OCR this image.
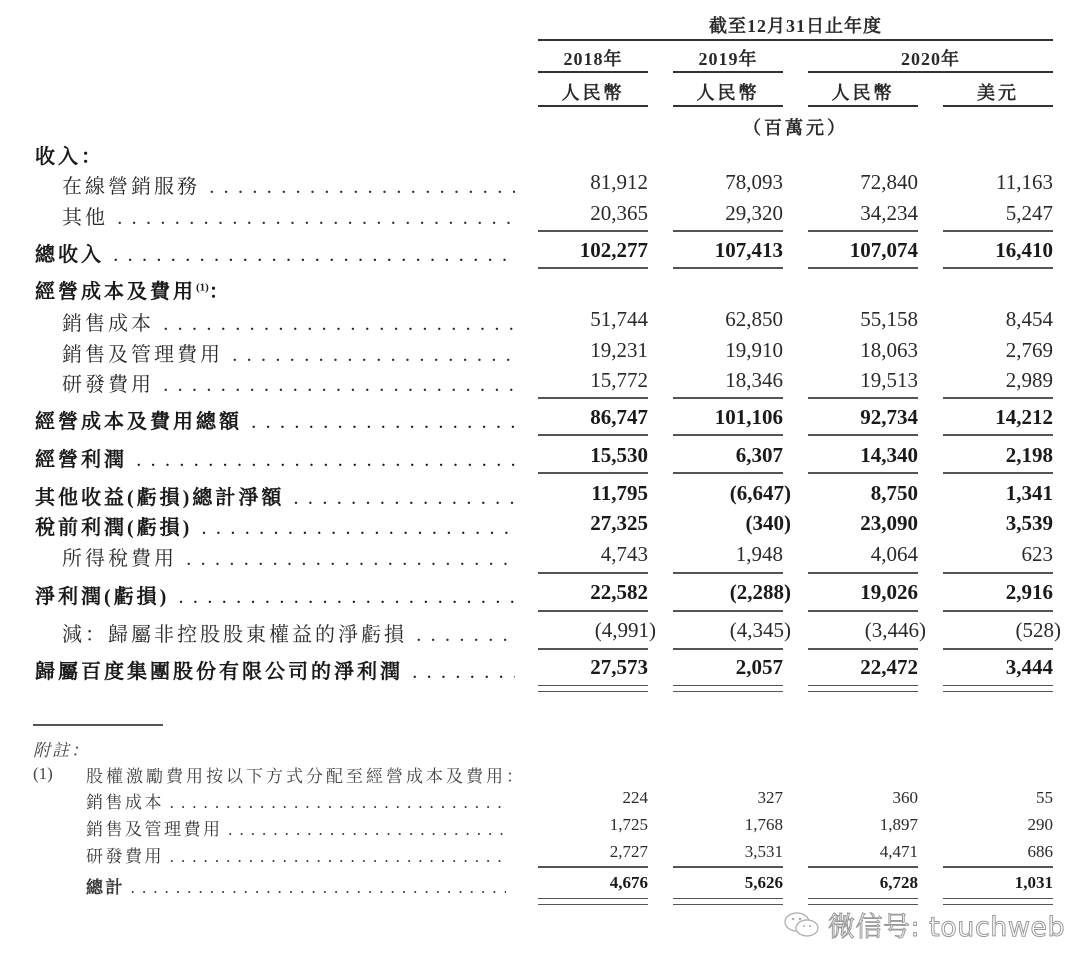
截至12月31日止年度
2018年	2019年	2020年
人民幣	人民幣	人民幣	美元
（百萬元）
收入：
在線營銷服務 . . .	81,912	78,093	72,840	11,163
其他 . . .	20,365	29,320	34,234	5,247
總收入 . . .	102,277	107,413	107,074	16,410
經營成本及費用$^{(1)}$：
銷售成本 . . .	51,744	62,850	55,158	8,454
銷售及管理費用 . . .	19,231	19,910	18,063	2,769
研發費用 . . .	15,772	18,346	19,513	2,989
經營成本及費用總額 . . .	86,747	101,106	92,734	14,212
經營利潤 . . .	15,530	6,307	14,340	2,198
其他收益(虧損)總計淨額 . . .	11,795	(6,647)	8,750	1,341
稅前利潤(虧損) . . .	27,325	(340)	23,090	3,539
所得稅費用 . . .	4,743	1,948	4,064	623
淨利潤(虧損) . . .	22,582	(2,288)	19,026	2,916
減：歸屬非控股股東權益的淨虧損 . . .	(4,991)	(4,345)	(3,446)	(528)
歸屬百度集團股份有限公司的淨利潤 . . .	27,573	2,057	22,472	3,444
附註：
(1) 股權激勵費用按以下方式分配至經營成本及費用：
銷售成本 . . .	224	327	360	55
銷售及管理費用 . . .	1,725	1,768	1,897	290
研發費用 . . .	2,727	3,531	4,471	686
總計 . . .	4,676	5,626	6,728	1,031
微信号: touchweb
